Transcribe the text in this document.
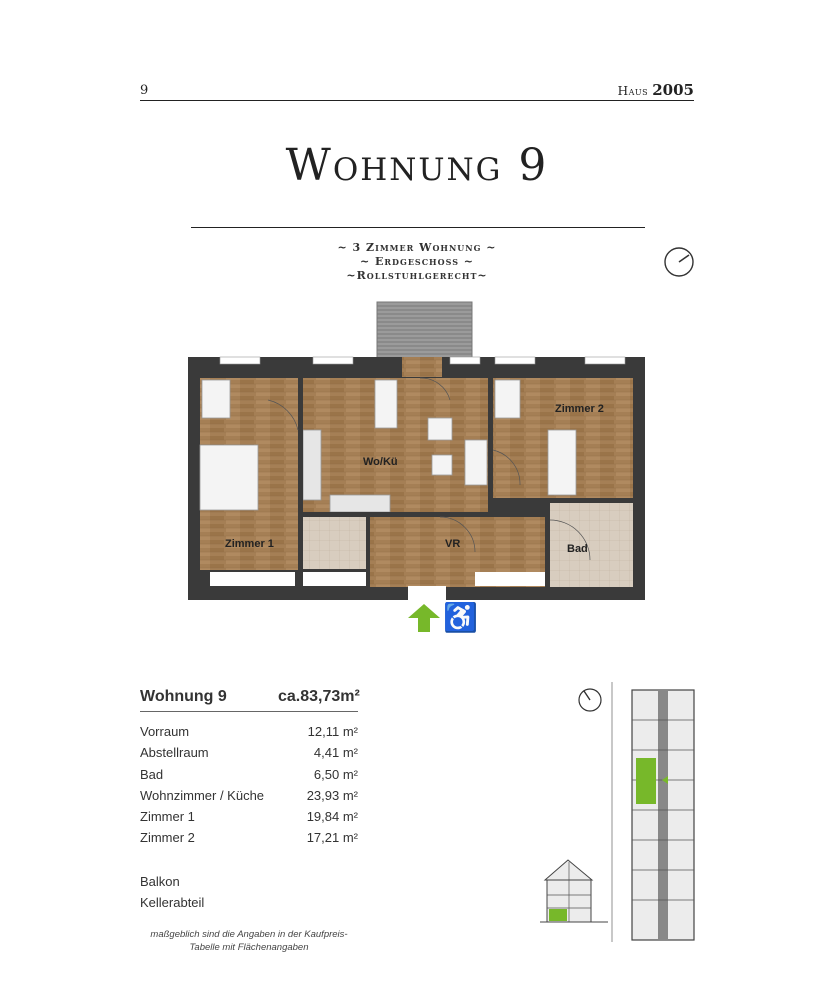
9	Haus 2005
Wohnung 9
~ 3 Zimmer Wohnung ~
~ Erdgeschoss ~
~Rollstuhlgerecht~
Zimmer 2
Wo/Kü
Zimmer 1	VR	Bad
♿
Wohnung 9	ca.83,73m²
Vorraum	12,11 m²
Abstellraum	4,41 m²
Bad	6,50 m²
Wohnzimmer / Küche	23,93 m²
Zimmer 1	19,84 m²
Zimmer 2	17,21 m²
Balkon
Kellerabteil
maßgeblich sind die Angaben in der Kaufpreis-
Tabelle mit Flächenangaben
